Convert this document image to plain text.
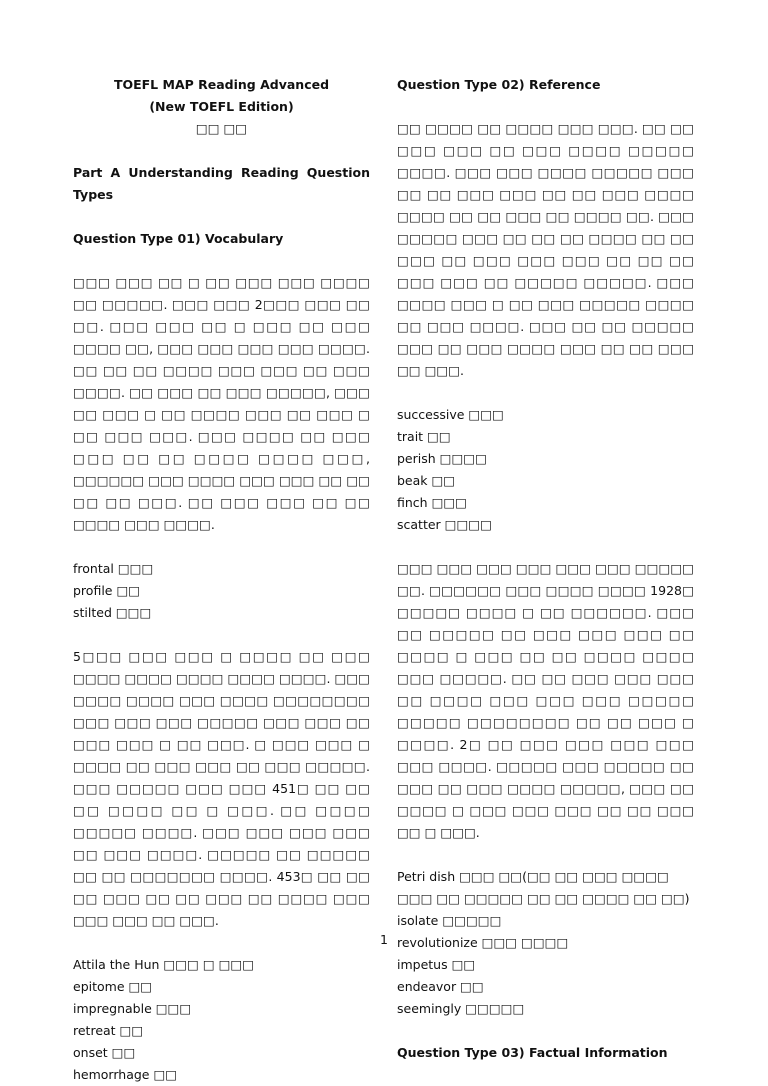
TOEFL MAP Reading Advanced
(New TOEFL Edition)
□□ □□
Part A Understanding Reading Question Types
Question Type 01) Vocabulary
□□□ □□□ □□ □ □□ □□□ □□□ □□□□ □□ □□□□□. □□□ □□□ 2□□□ □□□ □□ □□. □□□ □□□ □□ □ □□□ □□ □□□ □□□□ □□, □□□ □□□ □□□ □□□ □□□□. □□ □□ □□ □□□□ □□□ □□□ □□ □□□ □□□□. □□ □□□ □□ □□□ □□□□□, □□□ □□ □□□ □ □□ □□□□ □□□ □□ □□□ □ □□ □□□ □□□. □□□ □□□□ □□ □□□ □□□ □□ □□ □□□□ □□□□ □□□, □□□□□□ □□□ □□□□ □□□ □□□ □□ □□ □□ □□ □□□. □□ □□□ □□□ □□ □□ □□□□ □□□ □□□□.
frontal □□□
profile □□
stilted □□□
5□□□ □□□ □□□ □ □□□□ □□ □□□ □□□□ □□□□ □□□□ □□□□ □□□□. □□□ □□□□ □□□□ □□□ □□□□ □□□□□□□□ □□□ □□□ □□□ □□□□□ □□□ □□□ □□ □□□ □□□ □ □□ □□□. □ □□□ □□□ □ □□□□ □□ □□□ □□□ □□ □□□ □□□□□. □□□ □□□□□ □□□ □□□ 451□ □□ □□ □□ □□□□ □□ □ □□□. □□ □□□□ □□□□□ □□□□. □□□ □□□ □□□ □□□ □□ □□□ □□□□. □□□□□ □□ □□□□□ □□ □□ □□□□□□□ □□□□. 453□ □□ □□ □□ □□□ □□ □□ □□□ □□ □□□□ □□□ □□□ □□□ □□ □□□.
Attila the Hun □□□ □ □□□
epitome □□
impregnable □□□
retreat □□
onset □□
hemorrhage □□
Question Type 02) Reference
□□ □□□□ □□ □□□□ □□□ □□□. □□ □□ □□□ □□□ □□ □□□ □□□□ □□□□□ □□□□. □□□ □□□ □□□□ □□□□□ □□□ □□ □□ □□□ □□□ □□ □□ □□□ □□□□ □□□□ □□ □□ □□□ □□ □□□□ □□. □□□ □□□□□ □□□ □□ □□ □□ □□□□ □□ □□ □□□ □□ □□□ □□□ □□□ □□ □□ □□ □□□ □□□ □□ □□□□□ □□□□□. □□□ □□□□ □□□ □ □□ □□□ □□□□□ □□□□ □□ □□□ □□□□. □□□ □□ □□ □□□□□ □□□ □□ □□□ □□□□ □□□ □□ □□ □□□ □□ □□□.
successive □□□
trait □□
perish □□□□
beak □□
finch □□□
scatter □□□□
□□□ □□□ □□□ □□□ □□□ □□□ □□□□□ □□. □□□□□□ □□□ □□□□ □□□□ 1928□ □□□□□ □□□□ □ □□ □□□□□□. □□□ □□ □□□□□ □□ □□□ □□□ □□□ □□ □□□□ □ □□□ □□ □□ □□□□ □□□□ □□□ □□□□□. □□ □□ □□□ □□□ □□□ □□ □□□□ □□□ □□□ □□□ □□□□□ □□□□□ □□□□□□□□ □□ □□ □□□ □ □□□□. 2□ □□ □□□ □□□ □□□ □□□ □□□ □□□□. □□□□□ □□□ □□□□□ □□ □□□ □□ □□□ □□□□ □□□□□, □□□ □□ □□□□ □ □□□ □□□ □□□ □□ □□ □□□ □□ □ □□□.
Petri dish □□□ □□(□□ □□ □□□ □□□□ □□□ □□ □□□□□ □□ □□ □□□□ □□ □□)
isolate □□□□□
revolutionize □□□ □□□□
impetus □□
endeavor □□
seemingly □□□□□
Question Type 03) Factual Information
1
